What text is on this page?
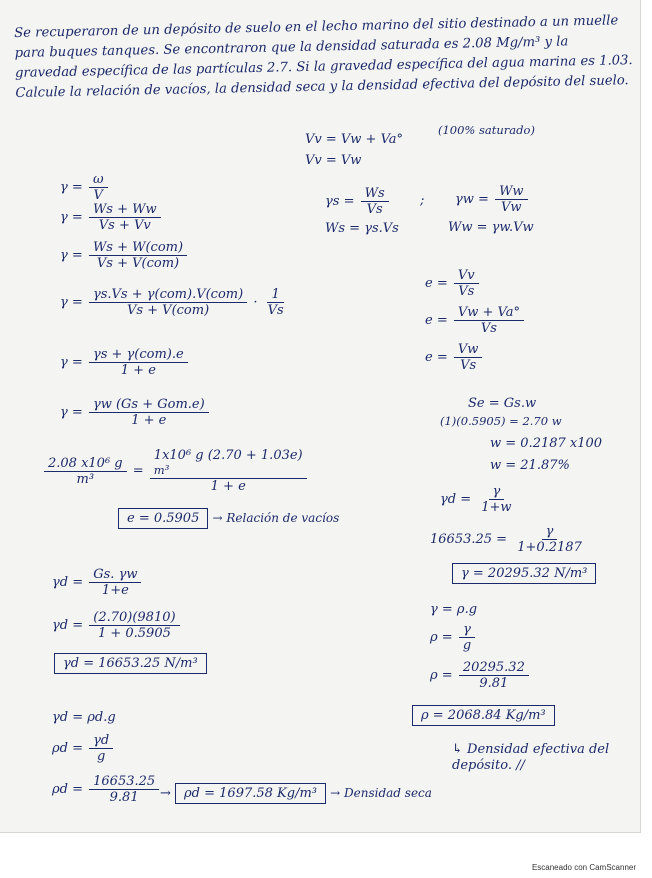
Se recuperaron de un depósito de suelo en el lecho marino del sitio destinado a un muelle para buques tanques. Se encontraron que la densidad saturada es 2.08 Mg/m³ y la gravedad específica de las partículas 2.7. Si la gravedad específica del agua marina es 1.03. Calcule la relación de vacíos, la densidad seca y la densidad efectiva del depósito del suelo.
Vv = Vw + Va°
(100% saturado)
Vv = Vw
$\gamma = \frac{\omega}{V}$
$\gamma = \frac{Ws + Ww}{Vs + Vv}$
$\gamma s = \frac{Ws}{Vs}$ ; $\gamma w = \frac{Ww}{Vw}$
Ws = γs.Vs	Ww = γw.Vw
$\gamma = \frac{\text{Ws + W(com)}}{\text{Vs + V(com)}}$
$\gamma = \frac{\text{γs.Vs + γ(com).V(com)}}{\text{Vs + V(com)}} \cdot \frac{1}{Vs}$
$e = \frac{Vv}{Vs}$
$e = \frac{Vw + Va^\circ}{Vs}$
$e = \frac{Vw}{Vs}$
$\gamma = \frac{\text{γs + γ(com).e}}{1 + e}$
$\gamma = \frac{\text{γw (Gs + Gom.e)}}{1 + e}$	Se = Gs.w
(1)(0.5905) = 2.70 w
w = 0.2187 x100
w = 21.87%
$\frac{\text{2.08 x10⁶ g}}{\text{m³}}$ =
1x10⁶ g (2.70 + 1.03e)
m³
1 + e
e = 0.5905 → Relación de vacíos
$\gamma d = \frac{\gamma}{1+w}$
$16653.25 = \frac{\gamma}{1+0.2187}$
γ = 20295.32 N/m³
$\gamma d = \frac{Gs. \gamma w}{1+e}$
$\gamma d = \frac{(2.70)(9810)}{1 + 0.5905}$
γd = 16653.25 N/m³
γ = ρ.g
$\rho = \frac{\gamma}{g}$
$\rho = \frac{20295.32}{9.81}$
ρ = 2068.84 Kg/m³
↳ Densidad efectiva del depósito. //
γd = ρd.g
$\rho d = \frac{\gamma d}{g}$
$\rho d = \frac{16653.25}{9.81} \to \rho d = 1697.58$ Kg/m³ → Densidad seca
Escaneado con CamScanner
